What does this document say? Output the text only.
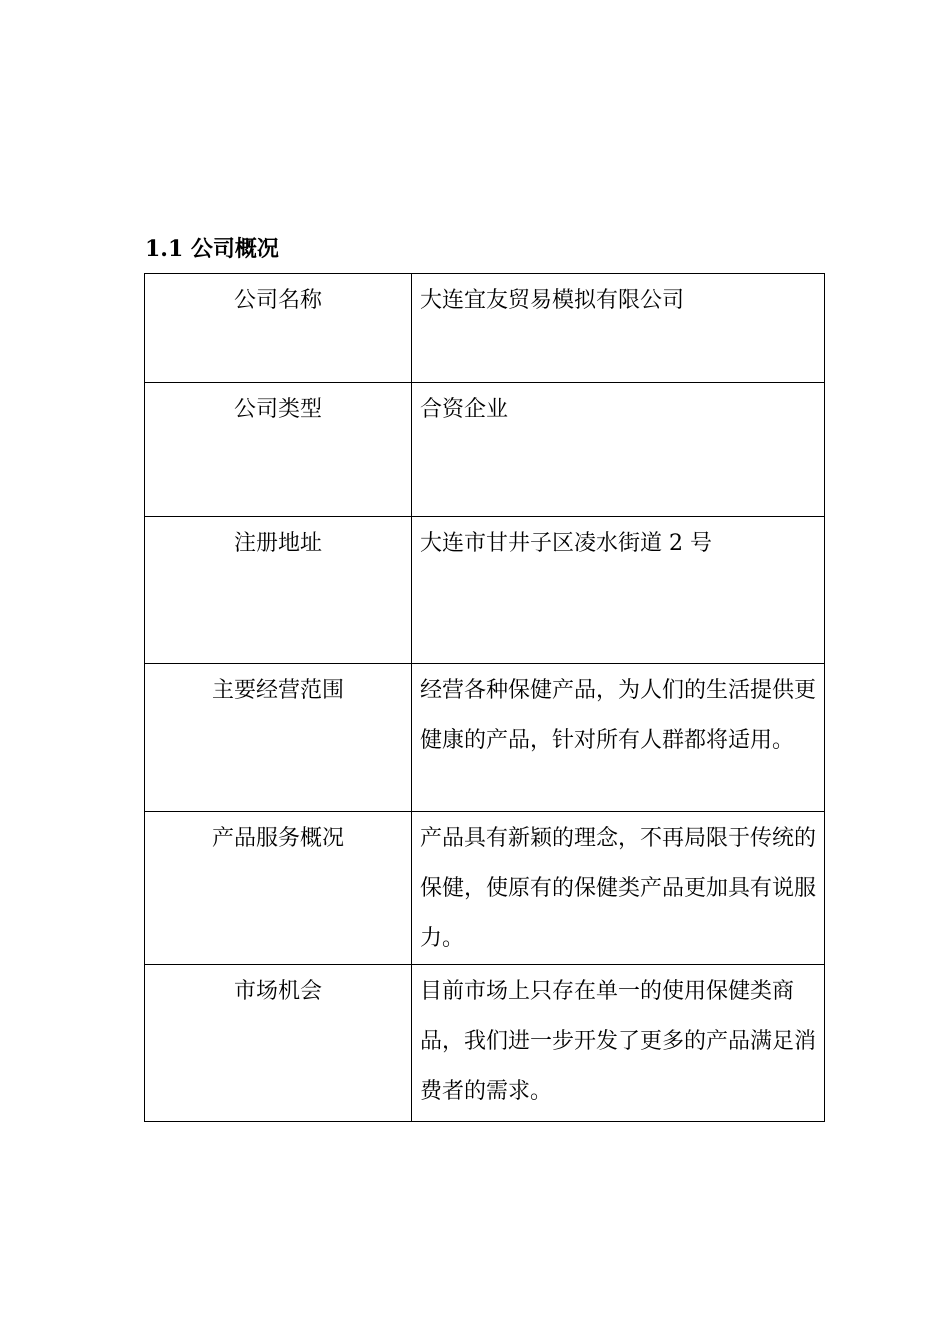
1.1 公司概况
公司名称	大连宜友贸易模拟有限公司
公司类型	合资企业
注册地址	大连市甘井子区凌水街道 2 号
主要经营范围	经营各种保健产品，为人们的生活提供更健康的产品，针对所有人群都将适用。
产品服务概况	产品具有新颖的理念，不再局限于传统的保健，使原有的保健类产品更加具有说服力。
市场机会	目前市场上只存在单一的使用保健类商品，我们进一步开发了更多的产品满足消费者的需求。
